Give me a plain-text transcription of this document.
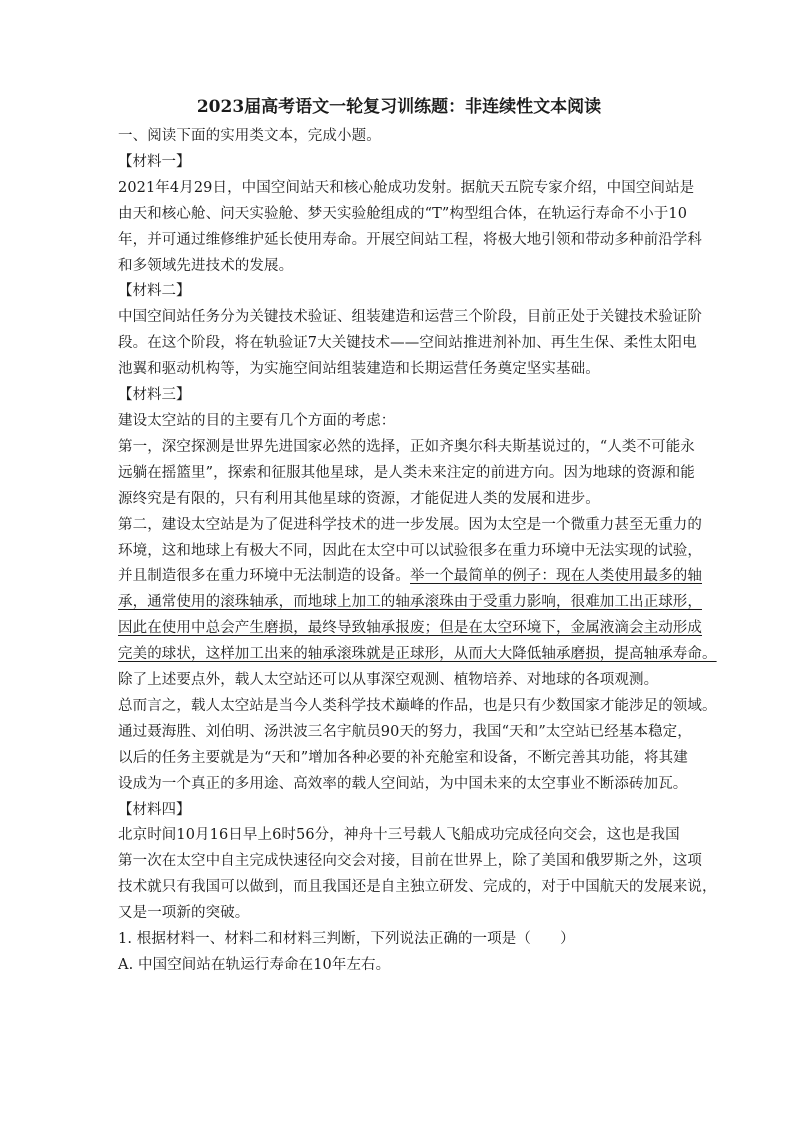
2023届高考语文一轮复习训练题：非连续性文本阅读
一、阅读下面的实用类文本，完成小题。
【材料一】
2021年4月29日，中国空间站天和核心舱成功发射。据航天五院专家介绍，中国空间站是
由天和核心舱、问天实验舱、梦天实验舱组成的“T”构型组合体，在轨运行寿命不小于10
年，并可通过维修维护延长使用寿命。开展空间站工程，将极大地引领和带动多种前沿学科
和多领域先进技术的发展。
【材料二】
中国空间站任务分为关键技术验证、组装建造和运营三个阶段，目前正处于关键技术验证阶
段。在这个阶段，将在轨验证7大关键技术——空间站推进剂补加、再生生保、柔性太阳电
池翼和驱动机构等，为实施空间站组装建造和长期运营任务奠定坚实基础。
【材料三】
建设太空站的目的主要有几个方面的考虑：
第一，深空探测是世界先进国家必然的选择，正如齐奥尔科夫斯基说过的，“人类不可能永
远躺在摇篮里”，探索和征服其他星球，是人类未来注定的前进方向。因为地球的资源和能
源终究是有限的，只有利用其他星球的资源，才能促进人类的发展和进步。
第二，建设太空站是为了促进科学技术的进一步发展。因为太空是一个微重力甚至无重力的
环境，这和地球上有极大不同，因此在太空中可以试验很多在重力环境中无法实现的试验，
并且制造很多在重力环境中无法制造的设备。举一个最简单的例子：现在人类使用最多的轴
承，通常使用的滚珠轴承，而地球上加工的轴承滚珠由于受重力影响，很难加工出正球形，
因此在使用中总会产生磨损，最终导致轴承报废；但是在太空环境下，金属液滴会主动形成
完美的球状，这样加工出来的轴承滚珠就是正球形，从而大大降低轴承磨损，提高轴承寿命。
除了上述要点外，载人太空站还可以从事深空观测、植物培养、对地球的各项观测。
总而言之，载人太空站是当今人类科学技术巅峰的作品，也是只有少数国家才能涉足的领域。
通过聂海胜、刘伯明、汤洪波三名宇航员90天的努力，我国“天和”太空站已经基本稳定，
以后的任务主要就是为“天和”增加各种必要的补充舱室和设备，不断完善其功能，将其建
设成为一个真正的多用途、高效率的载人空间站，为中国未来的太空事业不断添砖加瓦。
【材料四】
北京时间10月16日早上6时56分，神舟十三号载人飞船成功完成径向交会，这也是我国
第一次在太空中自主完成快速径向交会对接，目前在世界上，除了美国和俄罗斯之外，这项
技术就只有我国可以做到，而且我国还是自主独立研发、完成的，对于中国航天的发展来说，
又是一项新的突破。
1. 根据材料一、材料二和材料三判断，下列说法正确的一项是（　　）
A. 中国空间站在轨运行寿命在10年左右。
